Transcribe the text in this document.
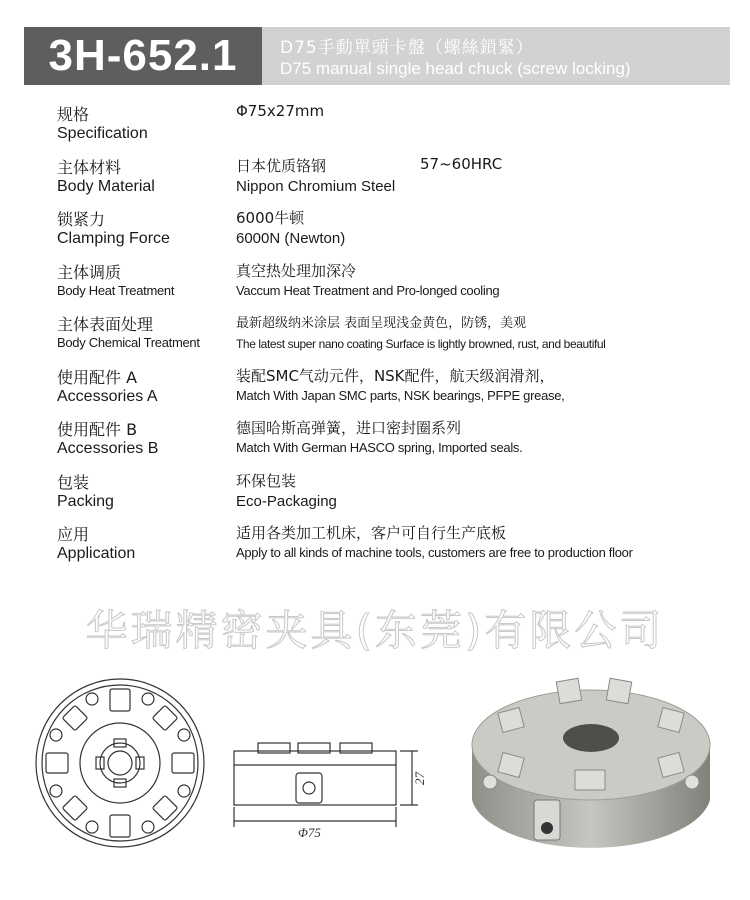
3H-652.1	D75手動單頭卡盤（螺絲鎖緊）
D75 manual single head chuck (screw locking)
规格
Specification
Φ75x27mm
主体材料
Body Material
日本优质铬钢	57~60HRC
Nippon Chromium Steel
锁紧力
Clamping Force
6000牛顿
6000N (Newton)
主体调质
Body Heat Treatment
真空热处理加深冷
Vaccum Heat Treatment and Pro-longed cooling
主体表面处理
Body Chemical Treatment
最新超级纳米涂层 表面呈现浅金黄色，防锈，美观
The latest super nano coating Surface is lightly browned, rust, and beautiful
使用配件 A
Accessories A
装配SMC气动元件，NSK配件，航天级润滑剂，
Match With Japan SMC parts, NSK bearings, PFPE grease,
使用配件 B
Accessories B
德国哈斯高弹簧，进口密封圈系列
Match With German HASCO spring, Imported seals.
包装
Packing
环保包装
Eco-Packaging
应用
Application
适用各类加工机床，客户可自行生产底板
Apply to all kinds of machine tools, customers are free to production floor
华瑞精密夹具(东莞)有限公司
Φ75
27
